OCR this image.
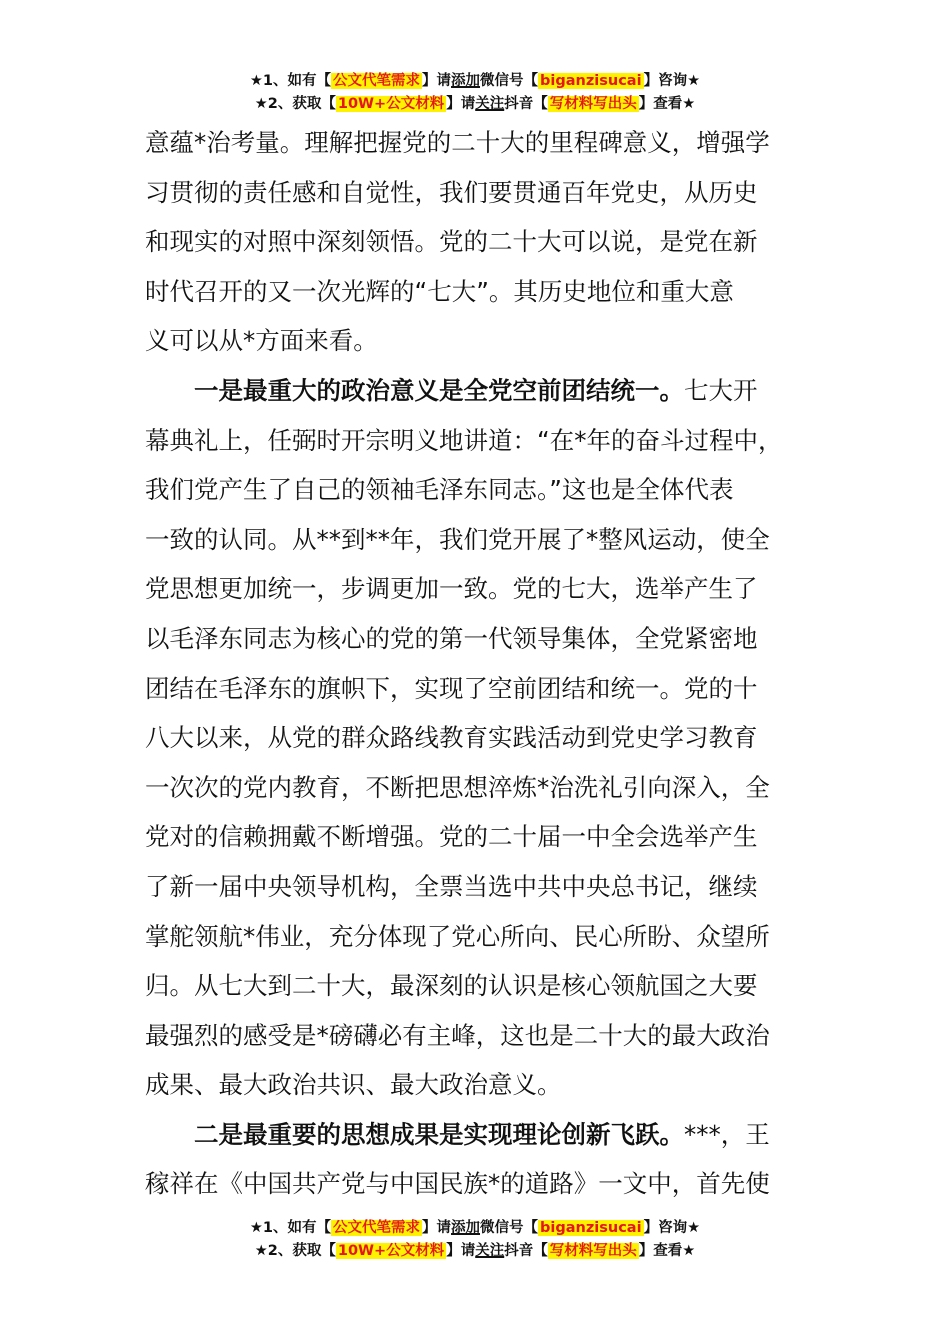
★1、如有【 公文代笔需求 】请添加微信号【 biganzisucai 】咨询★
★2、获取【 10W+公文材料 】请关注抖音【 写材料写出头 】查看★
意蕴*治考量。理解把握党的二十大的里程碑意义，增强学
习贯彻的责任感和自觉性，我们要贯通百年党史，从历史
和现实的对照中深刻领悟。党的二十大可以说，是党在新
时代召开的又一次光辉的“七大”。其历史地位和重大意
义可以从*方面来看。
一是最重大的政治意义是全党空前团结统一。七大开
幕典礼上，任弼时开宗明义地讲道：“在*年的奋斗过程中，
我们党产生了自己的领袖毛泽东同志。”这也是全体代表
一致的认同。从**到**年，我们党开展了*整风运动，使全
党思想更加统一，步调更加一致。党的七大，选举产生了
以毛泽东同志为核心的党的第一代领导集体，全党紧密地
团结在毛泽东的旗帜下，实现了空前团结和统一。党的十
八大以来，从党的群众路线教育实践活动到党史学习教育
一次次的党内教育，不断把思想淬炼*治洗礼引向深入，全
党对的信赖拥戴不断增强。党的二十届一中全会选举产生
了新一届中央领导机构，全票当选中共中央总书记，继续
掌舵领航*伟业，充分体现了党心所向、民心所盼、众望所
归。从七大到二十大，最深刻的认识是核心领航国之大要
最强烈的感受是*磅礴必有主峰，这也是二十大的最大政治
成果、最大政治共识、最大政治意义。
二是最重要的思想成果是实现理论创新飞跃。***，王
稼祥在《中国共产党与中国民族*的道路》一文中，首先使
★1、如有【 公文代笔需求 】请添加微信号【 biganzisucai 】咨询★
★2、获取【 10W+公文材料 】请关注抖音【 写材料写出头 】查看★
